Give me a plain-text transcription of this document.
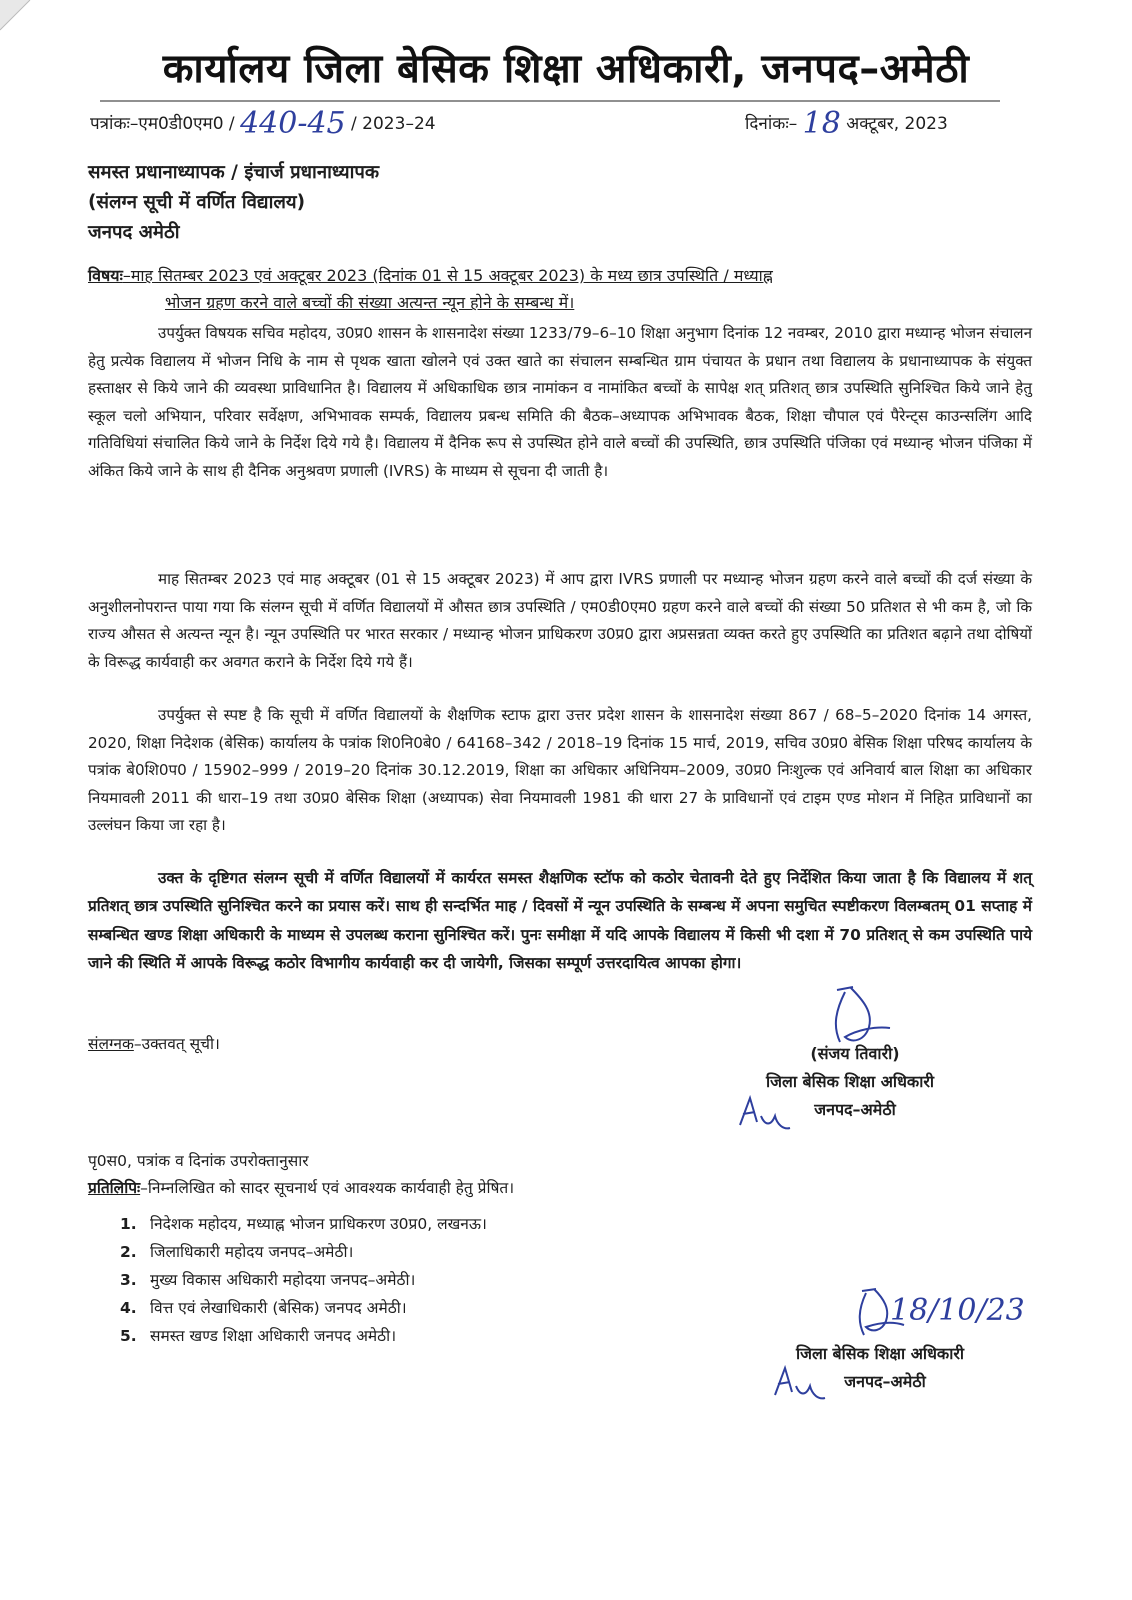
कार्यालय जिला बेसिक शिक्षा अधिकारी, जनपद–अमेठी
पत्रांकः–एम0डी0एम0 / 440-45 / 2023–24	दिनांकः– 18 अक्टूबर, 2023
समस्त प्रधानाध्यापक / इंचार्ज प्रधानाध्यापक
(संलग्न सूची में वर्णित विद्यालय)
जनपद अमेठी
विषयः–माह सितम्बर 2023 एवं अक्टूबर 2023 (दिनांक 01 से 15 अक्टूबर 2023) के मध्य छात्र उपस्थिति / मध्याह्न
भोजन ग्रहण करने वाले बच्चों की संख्या अत्यन्त न्यून होने के सम्बन्ध में।

उपर्युक्त विषयक सचिव महोदय, उ0प्र0 शासन के शासनादेश संख्या 1233/79–6–10 शिक्षा अनुभाग दिनांक 12 नवम्बर, 2010 द्वारा मध्यान्ह भोजन संचालन हेतु प्रत्येक विद्यालय में भोजन निधि के नाम से पृथक खाता खोलने एवं उक्त खाते का संचालन सम्बन्धित ग्राम पंचायत के प्रधान तथा विद्यालय के प्रधानाध्यापक के संयुक्त हस्ताक्षर से किये जाने की व्यवस्था प्राविधानित है। विद्यालय में अधिकाधिक छात्र नामांकन व नामांकित बच्चों के सापेक्ष शत् प्रतिशत् छात्र उपस्थिति सुनिश्चित किये जाने हेतु स्कूल चलो अभियान, परिवार सर्वेक्षण, अभिभावक सम्पर्क, विद्यालय प्रबन्ध समिति की बैठक–अध्यापक अभिभावक बैठक, शिक्षा चौपाल एवं पैरेन्ट्स काउन्सलिंग आदि गतिविधियां संचालित किये जाने के निर्देश दिये गये है। विद्यालय में दैनिक रूप से उपस्थित होने वाले बच्चों की उपस्थिति, छात्र उपस्थिति पंजिका एवं मध्यान्ह भोजन पंजिका में अंकित किये जाने के साथ ही दैनिक अनुश्रवण प्रणाली (IVRS) के माध्यम से सूचना दी जाती है।

माह सितम्बर 2023 एवं माह अक्टूबर (01 से 15 अक्टूबर 2023) में आप द्वारा IVRS प्रणाली पर मध्यान्ह भोजन ग्रहण करने वाले बच्चों की दर्ज संख्या के अनुशीलनोपरान्त पाया गया कि संलग्न सूची में वर्णित विद्यालयों में औसत छात्र उपस्थिति / एम0डी0एम0 ग्रहण करने वाले बच्चों की संख्या 50 प्रतिशत से भी कम है, जो कि राज्य औसत से अत्यन्त न्यून है। न्यून उपस्थिति पर भारत सरकार / मध्यान्ह भोजन प्राधिकरण उ0प्र0 द्वारा अप्रसन्नता व्यक्त करते हुए उपस्थिति का प्रतिशत बढ़ाने तथा दोषियों के विरूद्ध कार्यवाही कर अवगत कराने के निर्देश दिये गये हैं।

उपर्युक्त से स्पष्ट है कि सूची में वर्णित विद्यालयों के शैक्षणिक स्टाफ द्वारा उत्तर प्रदेश शासन के शासनादेश संख्या 867 / 68–5–2020 दिनांक 14 अगस्त, 2020, शिक्षा निदेशक (बेसिक) कार्यालय के पत्रांक शि0नि0बे0 / 64168–342 / 2018–19 दिनांक 15 मार्च, 2019, सचिव उ0प्र0 बेसिक शिक्षा परिषद कार्यालय के पत्रांक बे0शि0प0 / 15902–999 / 2019–20 दिनांक 30.12.2019, शिक्षा का अधिकार अधिनियम–2009, उ0प्र0 निःशुल्क एवं अनिवार्य बाल शिक्षा का अधिकार नियमावली 2011 की धारा–19 तथा उ0प्र0 बेसिक शिक्षा (अध्यापक) सेवा नियमावली 1981 की धारा 27 के प्राविधानों एवं टाइम एण्ड मोशन में निहित प्राविधानों का उल्लंघन किया जा रहा है।

उक्त के दृष्टिगत संलग्न सूची में वर्णित विद्यालयों में कार्यरत समस्त शैक्षणिक स्टॉफ को कठोर चेतावनी देते हुए निर्देशित किया जाता है कि विद्यालय में शत् प्रतिशत् छात्र उपस्थिति सुनिश्चित करने का प्रयास करें। साथ ही सन्दर्भित माह / दिवसों में न्यून उपस्थिति के सम्बन्ध में अपना समुचित स्पष्टीकरण विलम्बतम् 01 सप्ताह में सम्बन्धित खण्ड शिक्षा अधिकारी के माध्यम से उपलब्ध कराना सुनिश्चित करें। पुनः समीक्षा में यदि आपके विद्यालय में किसी भी दशा में 70 प्रतिशत् से कम उपस्थिति पाये जाने की स्थिति में आपके विरूद्ध कठोर विभागीय कार्यवाही कर दी जायेगी, जिसका सम्पूर्ण उत्तरदायित्व आपका होगा।

संलग्नक–उक्तवत् सूची।	(संजय तिवारी)
जिला बेसिक शिक्षा अधिकारी
जनपद–अमेठी
पृ0स0, पत्रांक व दिनांक उपरोक्तानुसार
प्रतिलिपिः–निम्नलिखित को सादर सूचनार्थ एवं आवश्यक कार्यवाही हेतु प्रेषित।
1. निदेशक महोदय, मध्याह्न भोजन प्राधिकरण उ0प्र0, लखनऊ।
2. जिलाधिकारी महोदय जनपद–अमेठी।
3. मुख्य विकास अधिकारी महोदया जनपद–अमेठी।
4. वित्त एवं लेखाधिकारी (बेसिक) जनपद अमेठी।
5. समस्त खण्ड शिक्षा अधिकारी जनपद अमेठी।
18/10/23
जिला बेसिक शिक्षा अधिकारी
जनपद–अमेठी
